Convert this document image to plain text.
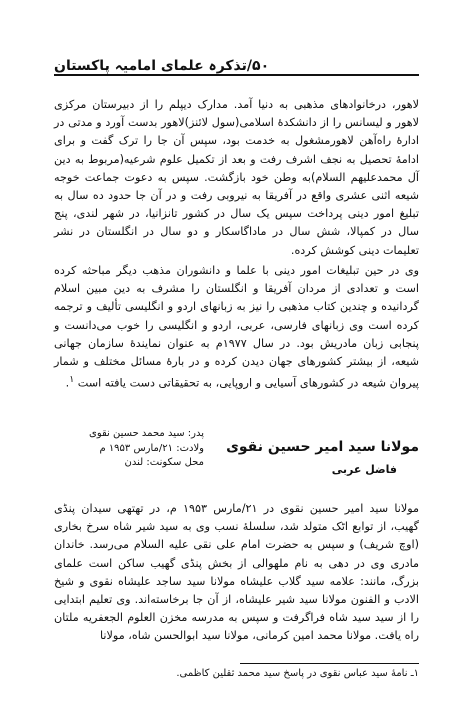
۵۰/تذکرہ علمای امامیہ پاکستان

لاهور، درخانوادهای مذهبی به دنیا آمد. مدارک دیپلم را از دبیرستان مرکزی لاهور و لیسانس را از دانشکدهٔ اسلامی(سول لائنز)لاهور بدست آورد و مدتی در ادارهٔ راه‌آهن لاهورمشغول به خدمت بود، سپس آن جا را ترک گفت و برای ادامهٔ تحصیل به نجف اشرف رفت و بعد از تکمیل علوم شرعیه(مربوط به دین آل محمدعلیهم السلام)به وطن خود بازگشت. سپس به دعوت جماعت خوجه شیعه اثنی عشری واقع در آفریقا به نیروبی رفت و در آن جا حدود ده سال به تبلیغ امور دینی پرداخت سپس یک سال در کشور تانزانیا، در شهر لندی، پنج سال در کمپالا، شش سال در ماداگاسکار و دو سال در انگلستان در نشر تعلیمات دینی کوشش کرده.

وی در حین تبلیغات امور دینی با علما و دانشوران مذهب دیگر مباحثه کرده است و تعدادی از مردان آفریقا و انگلستان را مشرف به دین مبین اسلام گردانیده و چندین کتاب مذهبی را نیز به زبانهای اردو و انگلیسی تألیف و ترجمه کرده است وی زبانهای فارسی، عربی، اردو و انگلیسی را خوب می‌دانست و پنجابی زبان مادریش بود. در سال ۱۹۷۷م به عنوان نمایندهٔ سازمان جهانی شیعه، از بیشتر کشورهای جهان دیدن کرده و در بارهٔ مسائل مختلف و شمار پیروان شیعه در کشورهای آسیایی و اروپایی، به تحقیقاتی دست یافته است $^۱$.

مولانا سید امیر حسین نقوی
فاضل عربی
پدر: سید محمد حسین نقوی
ولادت: ۲۱/مارس ۱۹۵۳ م
محل سکونت: لندن

مولانا سید امیر حسین نقوی در ۲۱/مارس ۱۹۵۳ م، در تهتهی سیدان پنڈی گهیب، از توابع اٹک متولد شد، سلسلهٔ نسب وی به سید شیر شاه سرخ بخاری (اوچ شریف) و سپس به حضرت امام علی نقی علیه السلام می‌رسد. خاندان مادری وی در دهی به نام ملهوالی از بخش پنڈی گهیب ساکن است علمای بزرگ، مانند: علامه سید گلاب علیشاه مولانا سید ساجد علیشاه نقوی و شیخ الادب و الفنون مولانا سید شیر علیشاه، از آن جا برخاسته‌اند. وی تعلیم ابتدایی را از سید سید شاه فراگرفت و سپس به مدرسه مخزن العلوم الجعفریه ملتان راه یافت. مولانا محمد امین کرمانی، مولانا سید ابوالحسن شاه، مولانا

۱ـ نامهٔ سید عباس نقوی در پاسخ سید محمد ثقلین کاظمی.
